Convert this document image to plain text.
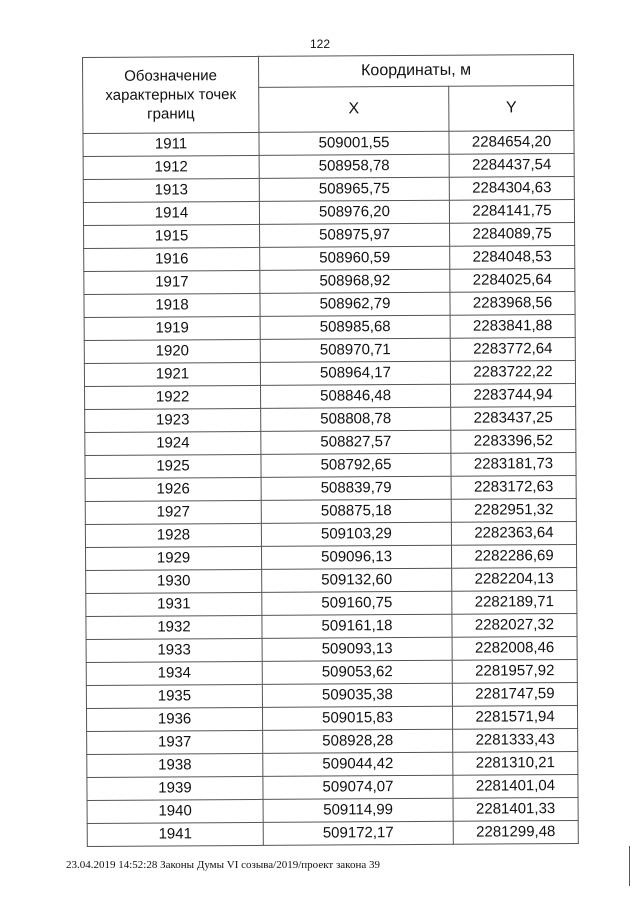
122
Обозначение характерных точек границ	Координаты, м	
	X	Y
1911	509001,55	2284654,20
1912	508958,78	2284437,54
1913	508965,75	2284304,63
1914	508976,20	2284141,75
1915	508975,97	2284089,75
1916	508960,59	2284048,53
1917	508968,92	2284025,64
1918	508962,79	2283968,56
1919	508985,68	2283841,88
1920	508970,71	2283772,64
1921	508964,17	2283722,22
1922	508846,48	2283744,94
1923	508808,78	2283437,25
1924	508827,57	2283396,52
1925	508792,65	2283181,73
1926	508839,79	2283172,63
1927	508875,18	2282951,32
1928	509103,29	2282363,64
1929	509096,13	2282286,69
1930	509132,60	2282204,13
1931	509160,75	2282189,71
1932	509161,18	2282027,32
1933	509093,13	2282008,46
1934	509053,62	2281957,92
1935	509035,38	2281747,59
1936	509015,83	2281571,94
1937	508928,28	2281333,43
1938	509044,42	2281310,21
1939	509074,07	2281401,04
1940	509114,99	2281401,33
1941	509172,17	2281299,48
23.04.2019 14:52:28 Законы Думы VI созыва/2019/проект закона 39
